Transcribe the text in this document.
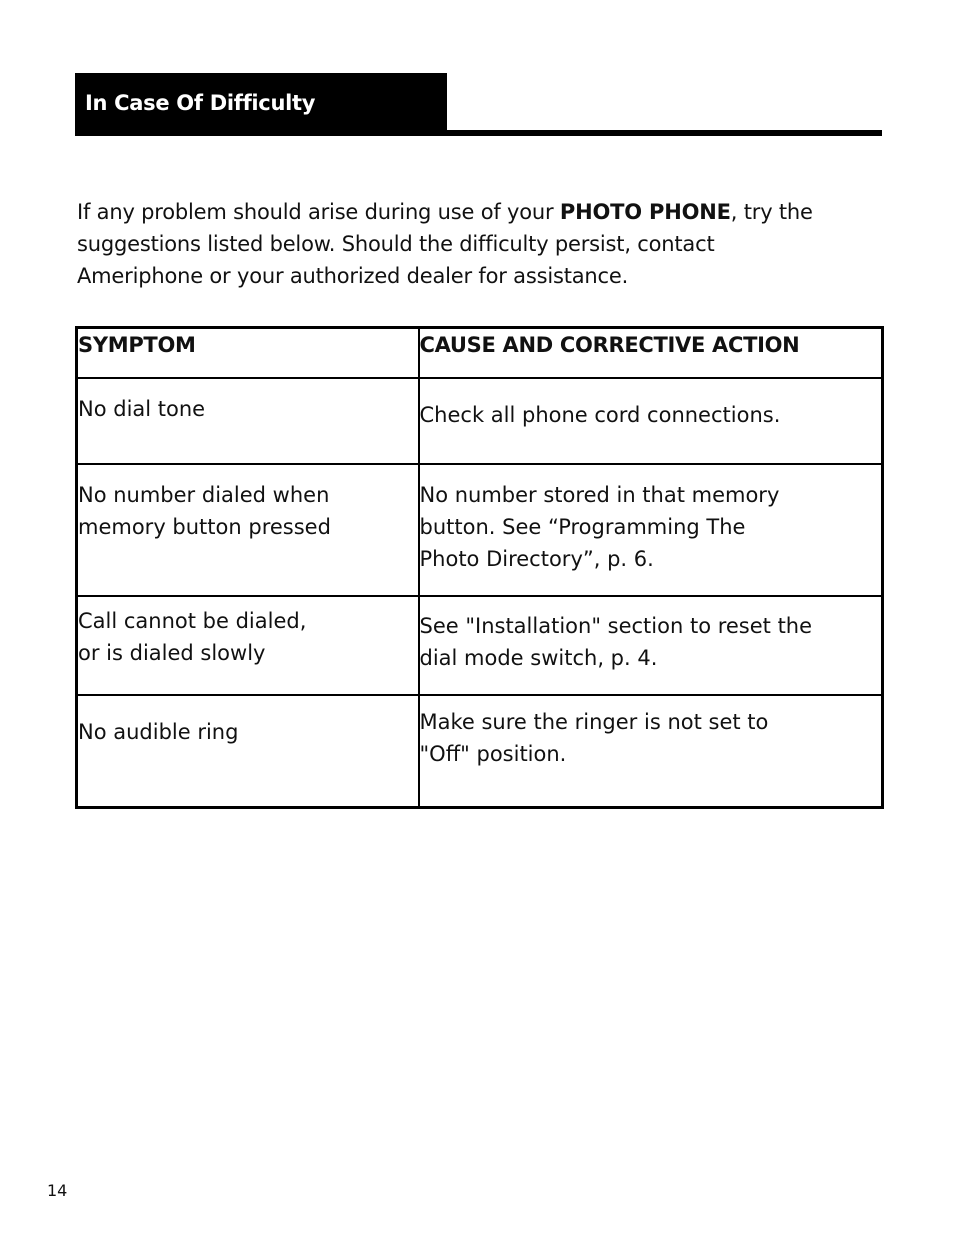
In Case Of Difficulty

If any problem should arise during use of your PHOTO PHONE, try the

suggestions listed below. Should the difficulty persist, contact

Ameriphone or your authorized dealer for assistance.

SYMPTOM	CAUSE AND CORRECTIVE ACTION

No dial tone	Check all phone cord connections.

No number dialed when
memory button pressed	No number stored in that memory
button. See “Programming The
Photo Directory”, p. 6.

Call cannot be dialed,
or is dialed slowly	See "Installation" section to reset the
dial mode switch, p. 4.

No audible ring	Make sure the ringer is not set to
"Off" position.
14
